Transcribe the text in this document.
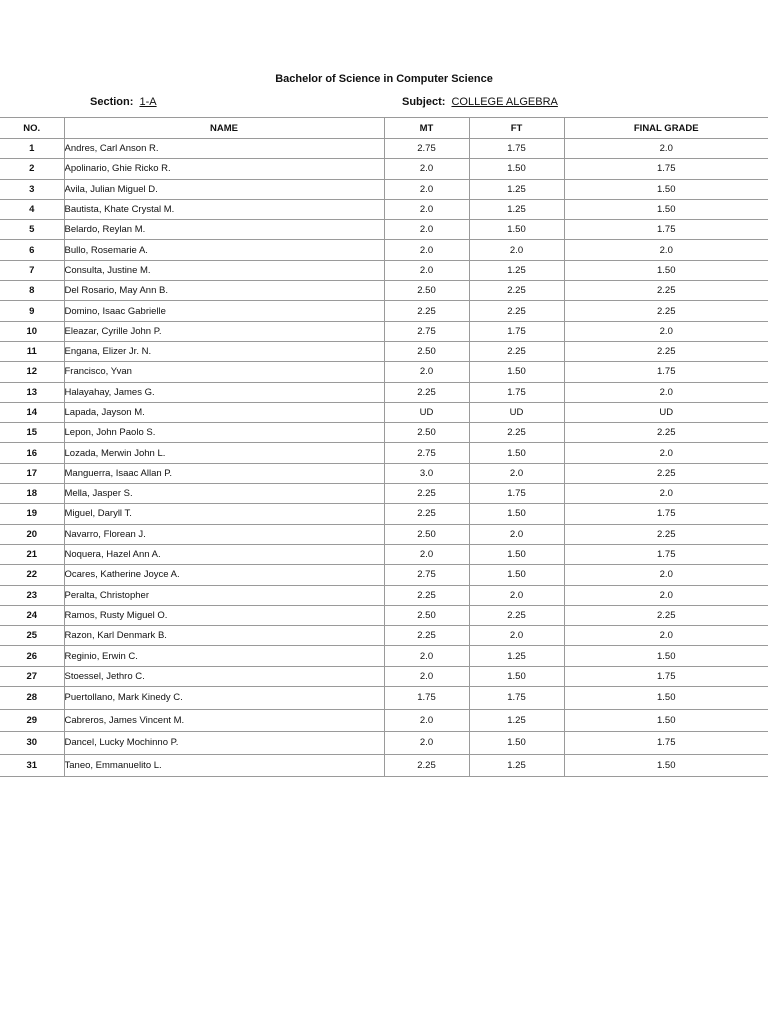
Bachelor of Science in Computer Science
Section: 1-A	Subject: COLLEGE ALGEBRA
NO.	NAME	MT	FT	FINAL GRADE
1	Andres, Carl Anson R.	2.75	1.75	2.0
2	Apolinario, Ghie Ricko R.	2.0	1.50	1.75
3	Avila, Julian Miguel D.	2.0	1.25	1.50
4	Bautista, Khate Crystal M.	2.0	1.25	1.50
5	Belardo, Reylan M.	2.0	1.50	1.75
6	Bullo, Rosemarie A.	2.0	2.0	2.0
7	Consulta, Justine M.	2.0	1.25	1.50
8	Del Rosario, May Ann B.	2.50	2.25	2.25
9	Domino, Isaac Gabrielle	2.25	2.25	2.25
10	Eleazar, Cyrille John P.	2.75	1.75	2.0
11	Engana, Elizer Jr. N.	2.50	2.25	2.25
12	Francisco, Yvan	2.0	1.50	1.75
13	Halayahay, James G.	2.25	1.75	2.0
14	Lapada, Jayson M.	UD	UD	UD
15	Lepon, John Paolo S.	2.50	2.25	2.25
16	Lozada, Merwin John L.	2.75	1.50	2.0
17	Manguerra, Isaac Allan P.	3.0	2.0	2.25
18	Mella, Jasper S.	2.25	1.75	2.0
19	Miguel, Daryll T.	2.25	1.50	1.75
20	Navarro, Florean J.	2.50	2.0	2.25
21	Noquera, Hazel Ann A.	2.0	1.50	1.75
22	Ocares, Katherine Joyce A.	2.75	1.50	2.0
23	Peralta, Christopher	2.25	2.0	2.0
24	Ramos, Rusty Miguel O.	2.50	2.25	2.25
25	Razon, Karl Denmark B.	2.25	2.0	2.0
26	Reginio, Erwin C.	2.0	1.25	1.50
27	Stoessel, Jethro C.	2.0	1.50	1.75
28	Puertollano, Mark Kinedy C.	1.75	1.75	1.50
29	Cabreros, James Vincent M.	2.0	1.25	1.50
30	Dancel, Lucky Mochinno P.	2.0	1.50	1.75
31	Taneo, Emmanuelito L.	2.25	1.25	1.50
